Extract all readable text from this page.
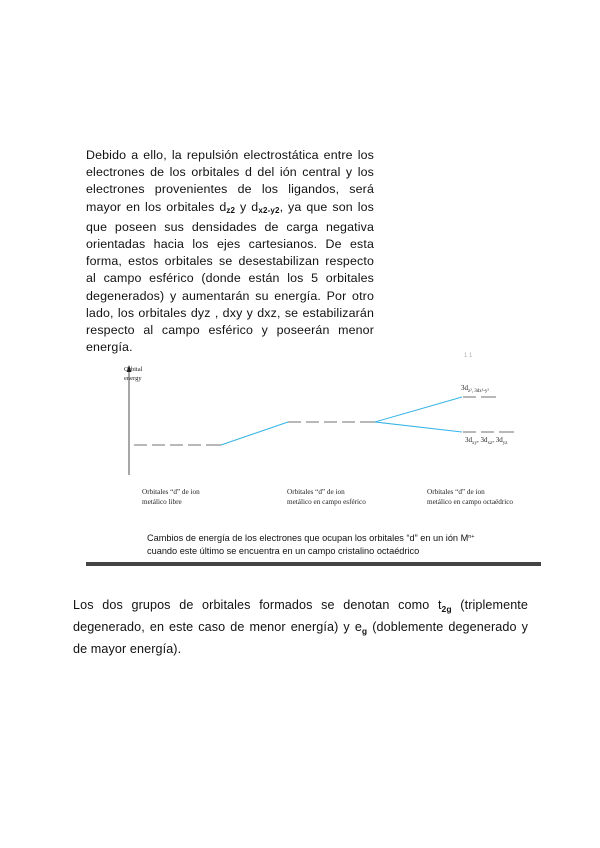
Debido a ello, la repulsión electrostática entre los electrones de los orbitales d del ión central y los electrones provenientes de los ligandos, será mayor en los orbitales $d_{z2}$ y $d_{x2-y2}$, ya que son los que poseen sus densidades de carga negativa orientadas hacia los ejes cartesianos. De esta forma, estos orbitales se desestabilizan respecto al campo esférico (donde están los 5 orbitales degenerados) y aumentarán su energía. Por otro lado, los orbitales dyz , dxy y dxz, se estabilizarán respecto al campo esférico y poseerán menor energía.
1 1
Orbital
energy
$3d_{z^2, 3d}x^2-y^2$
$3d_{xy}$, $3d_{xz}$, $3d_{yz}$
Orbitales “d” de ion
metálico libre
Orbitales “d” de ion
metálico en campo esférico
Orbitales “d” de ion
metálico en campo octaédrico
Cambios de energía de los electrones que ocupan los orbitales “d” en un ión $M^{n+}$ cuando este último se encuentra en un campo cristalino octaédrico
Los dos grupos de orbitales formados se denotan como $t_{2g}$ (triplemente degenerado, en este caso de menor energía) y $e_g$ (doblemente degenerado y de mayor energía).
